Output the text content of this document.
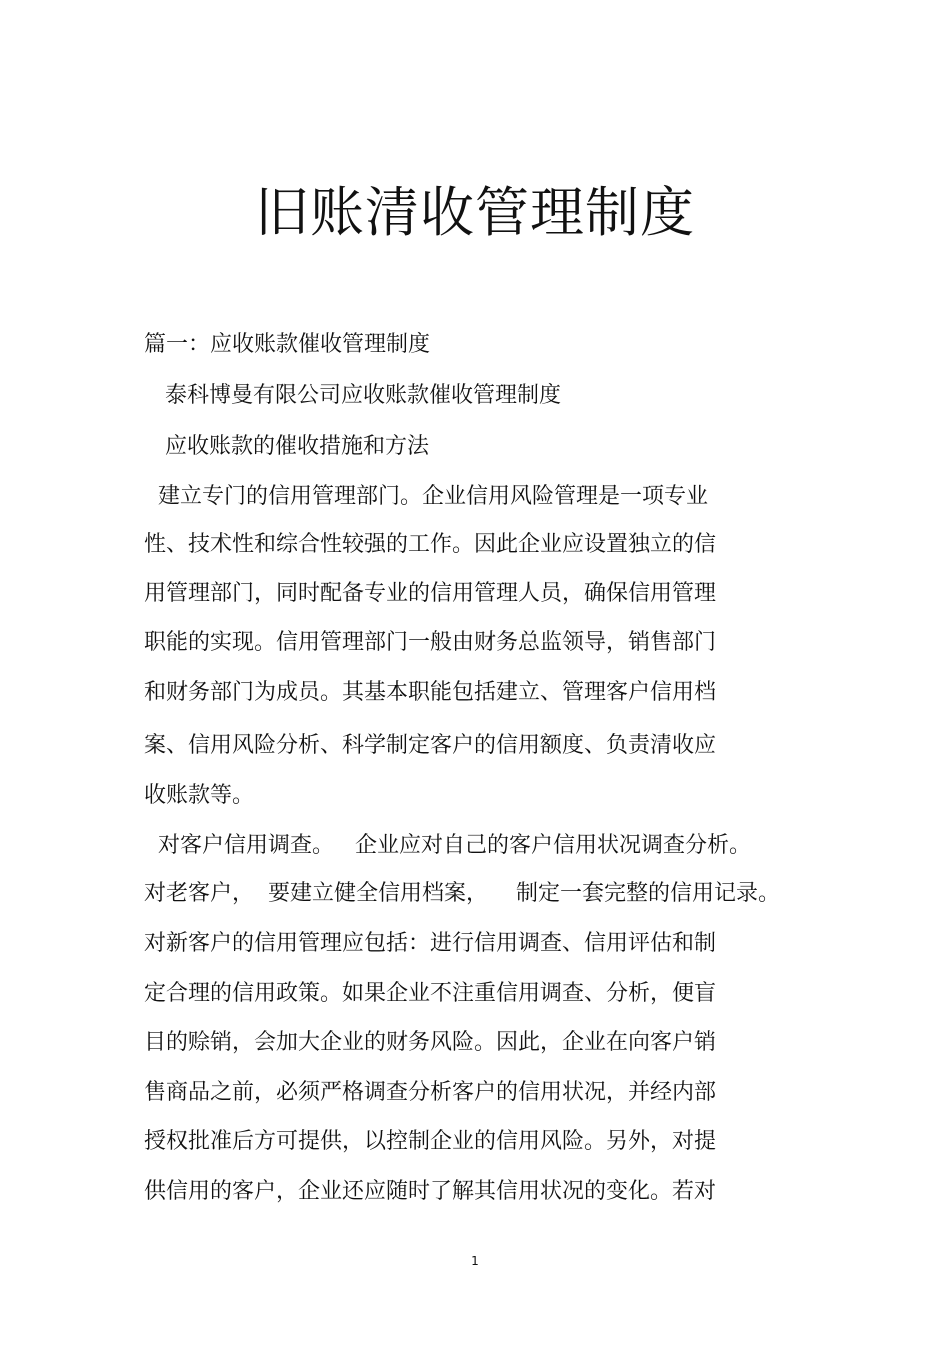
旧账清收管理制度
篇一：应收账款催收管理制度
泰科博曼有限公司应收账款催收管理制度
应收账款的催收措施和方法
建立专门的信用管理部门。企业信用风险管理是一项专业
性、技术性和综合性较强的工作。因此企业应设置独立的信
用管理部门，同时配备专业的信用管理人员，确保信用管理
职能的实现。信用管理部门一般由财务总监领导，销售部门
和财务部门为成员。其基本职能包括建立、管理客户信用档
案、信用风险分析、科学制定客户的信用额度、负责清收应
收账款等。
对客户信用调查。   企业应对自己的客户信用状况调查分析。
对老客户，  要建立健全信用档案，    制定一套完整的信用记录。
对新客户的信用管理应包括：进行信用调查、信用评估和制
定合理的信用政策。如果企业不注重信用调查、分析，便盲
目的赊销，会加大企业的财务风险。因此，企业在向客户销
售商品之前，必须严格调查分析客户的信用状况，并经内部
授权批准后方可提供，以控制企业的信用风险。另外，对提
供信用的客户，企业还应随时了解其信用状况的变化。若对
1
